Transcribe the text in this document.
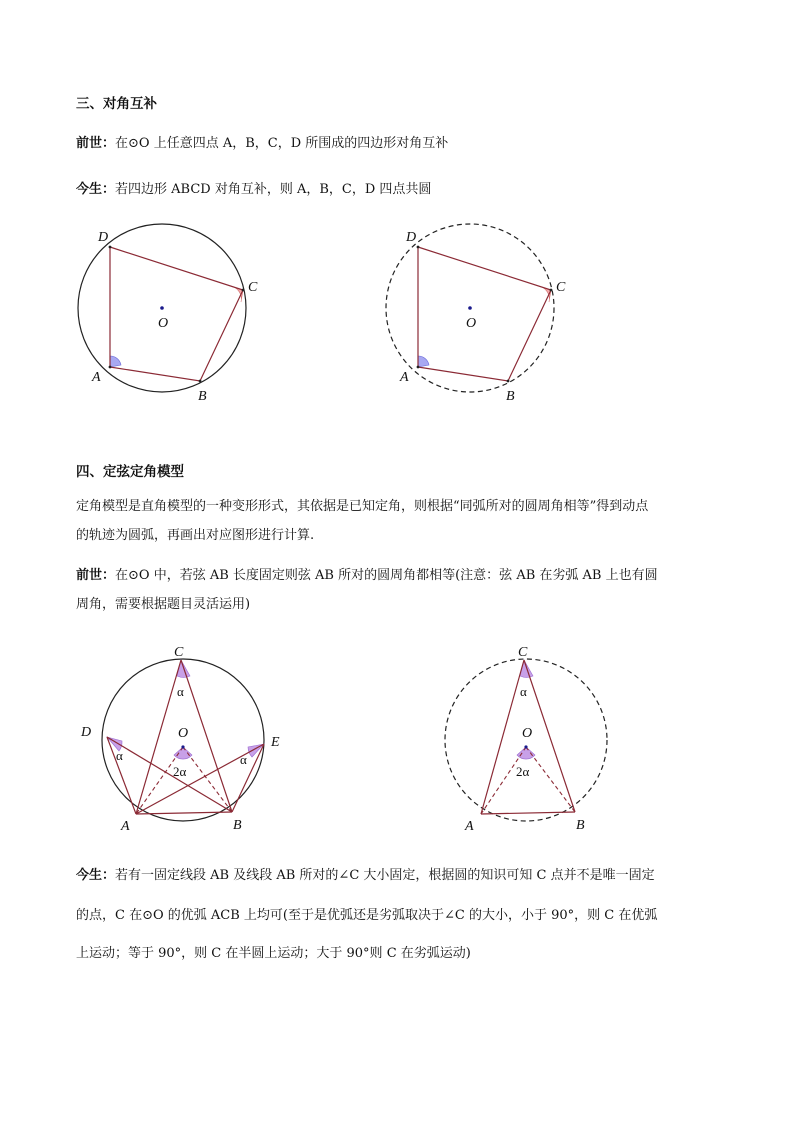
三、对角互补
前世：在⊙O 上任意四点 A，B，C，D 所围成的四边形对角互补
今生：若四边形 ABCD 对角互补，则 A，B，C，D 四点共圆
O
A
B
C
D
O
A
B
C
D
四、定弦定角模型
定角模型是直角模型的一种变形形式，其依据是已知定角，则根据“同弧所对的圆周角相等”得到动点
的轨迹为圆弧，再画出对应图形进行计算.
前世：在⊙O 中，若弦 AB 长度固定则弦 AB 所对的圆周角都相等(注意：弦 AB 在劣弧 AB 上也有圆
周角，需要根据题目灵活运用)
C
D
E
O
A	B
α
α	α
2α
C
O
A	B
α
2α
今生：若有一固定线段 AB 及线段 AB 所对的∠C 大小固定，根据圆的知识可知 C 点并不是唯一固定
的点，C 在⊙O 的优弧 ACB 上均可(至于是优弧还是劣弧取决于∠C 的大小，小于 90°，则 C 在优弧
上运动；等于 90°，则 C 在半圆上运动；大于 90°则 C 在劣弧运动)
